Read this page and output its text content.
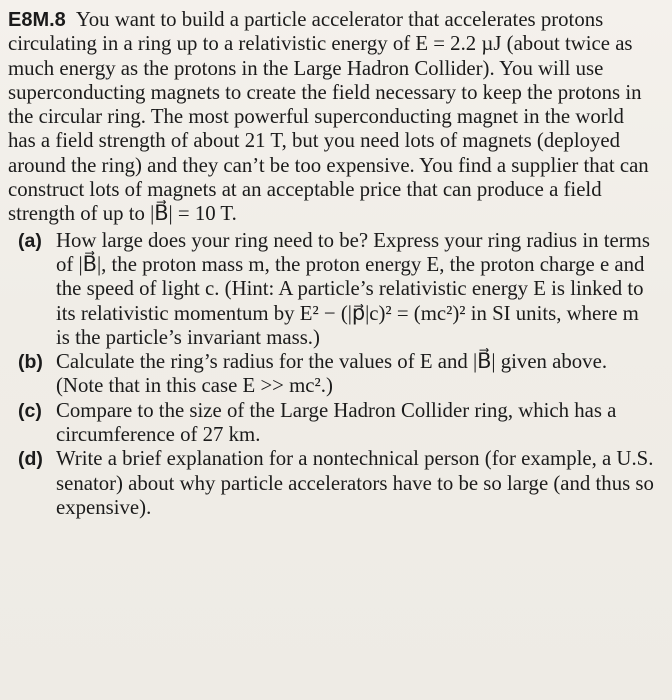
E8M.8 You want to build a particle accelerator that accelerates protons circulating in a ring up to a relativistic energy of E = 2.2 µJ (about twice as much energy as the protons in the Large Hadron Collider). You will use superconducting magnets to create the field necessary to keep the protons in the circular ring. The most powerful superconducting magnet in the world has a field strength of about 21 T, but you need lots of magnets (deployed around the ring) and they can’t be too expensive. You find a supplier that can construct lots of magnets at an acceptable price that can produce a field strength of up to |B⃗| = 10 T.
(a) How large does your ring need to be? Express your ring radius in terms of |B⃗|, the proton mass m, the proton energy E, the proton charge e and the speed of light c. (Hint: A particle’s relativistic energy E is linked to its relativistic momentum by E² − (|p⃗|c)² = (mc²)² in SI units, where m is the particle’s invariant mass.)
(b) Calculate the ring’s radius for the values of E and |B⃗| given above. (Note that in this case E >> mc².)
(c) Compare to the size of the Large Hadron Collider ring, which has a circumference of 27 km.
(d) Write a brief explanation for a nontechnical person (for example, a U.S. senator) about why particle accelerators have to be so large (and thus so expensive).
